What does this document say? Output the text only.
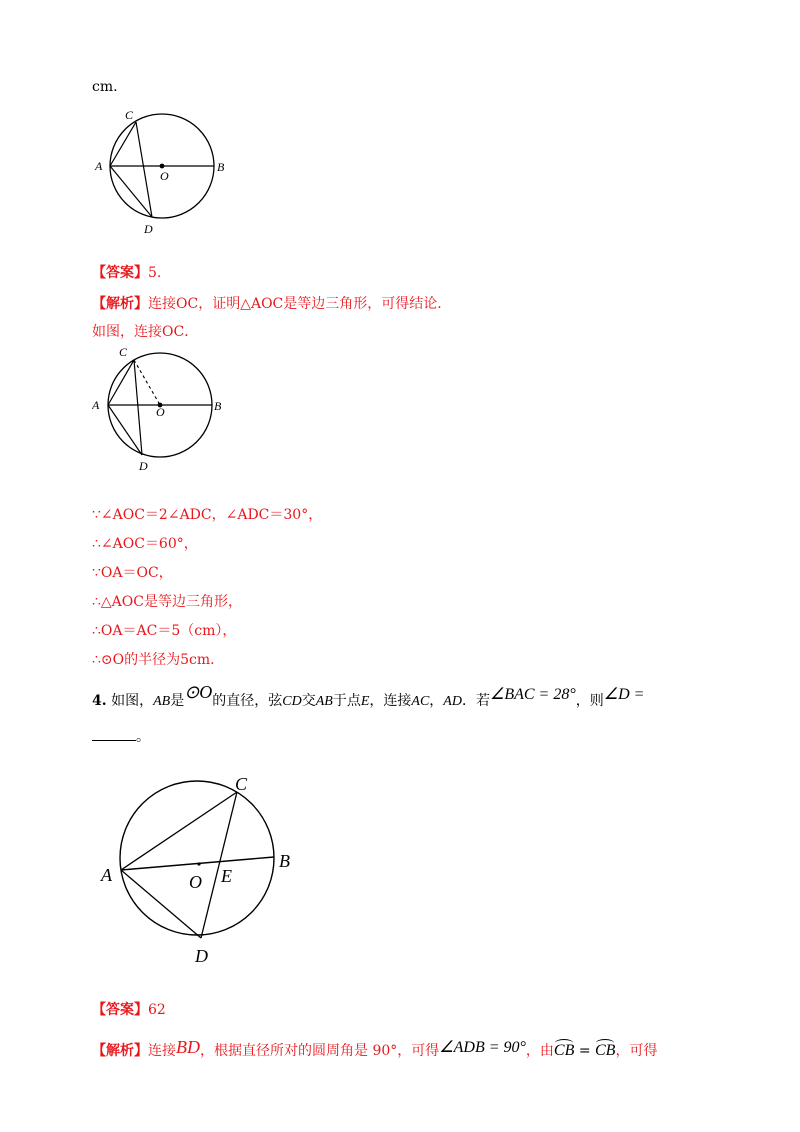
cm.
C
A
O
B
D
【答案】5.
【解析】连接OC，证明△AOC是等边三角形，可得结论．
如图，连接OC．
C
A	O	B
D
∵∠AOC＝2∠ADC，∠ADC＝30°，
∴∠AOC＝60°，
∵OA＝OC，
∴△AOC是等边三角形，
∴OA＝AC＝5（cm），
∴⊙O的半径为5cm.
4. 如图，AB是⊙O的直径，弦CD交AB于点E，连接AC，AD．若∠BAC = 28°，则∠D =
。
C
A	O E
B
D
【答案】62
【解析】连接BD，根据直径所对的圆周角是 90°，可得∠ADB = 90°，由CB = CB，可得
